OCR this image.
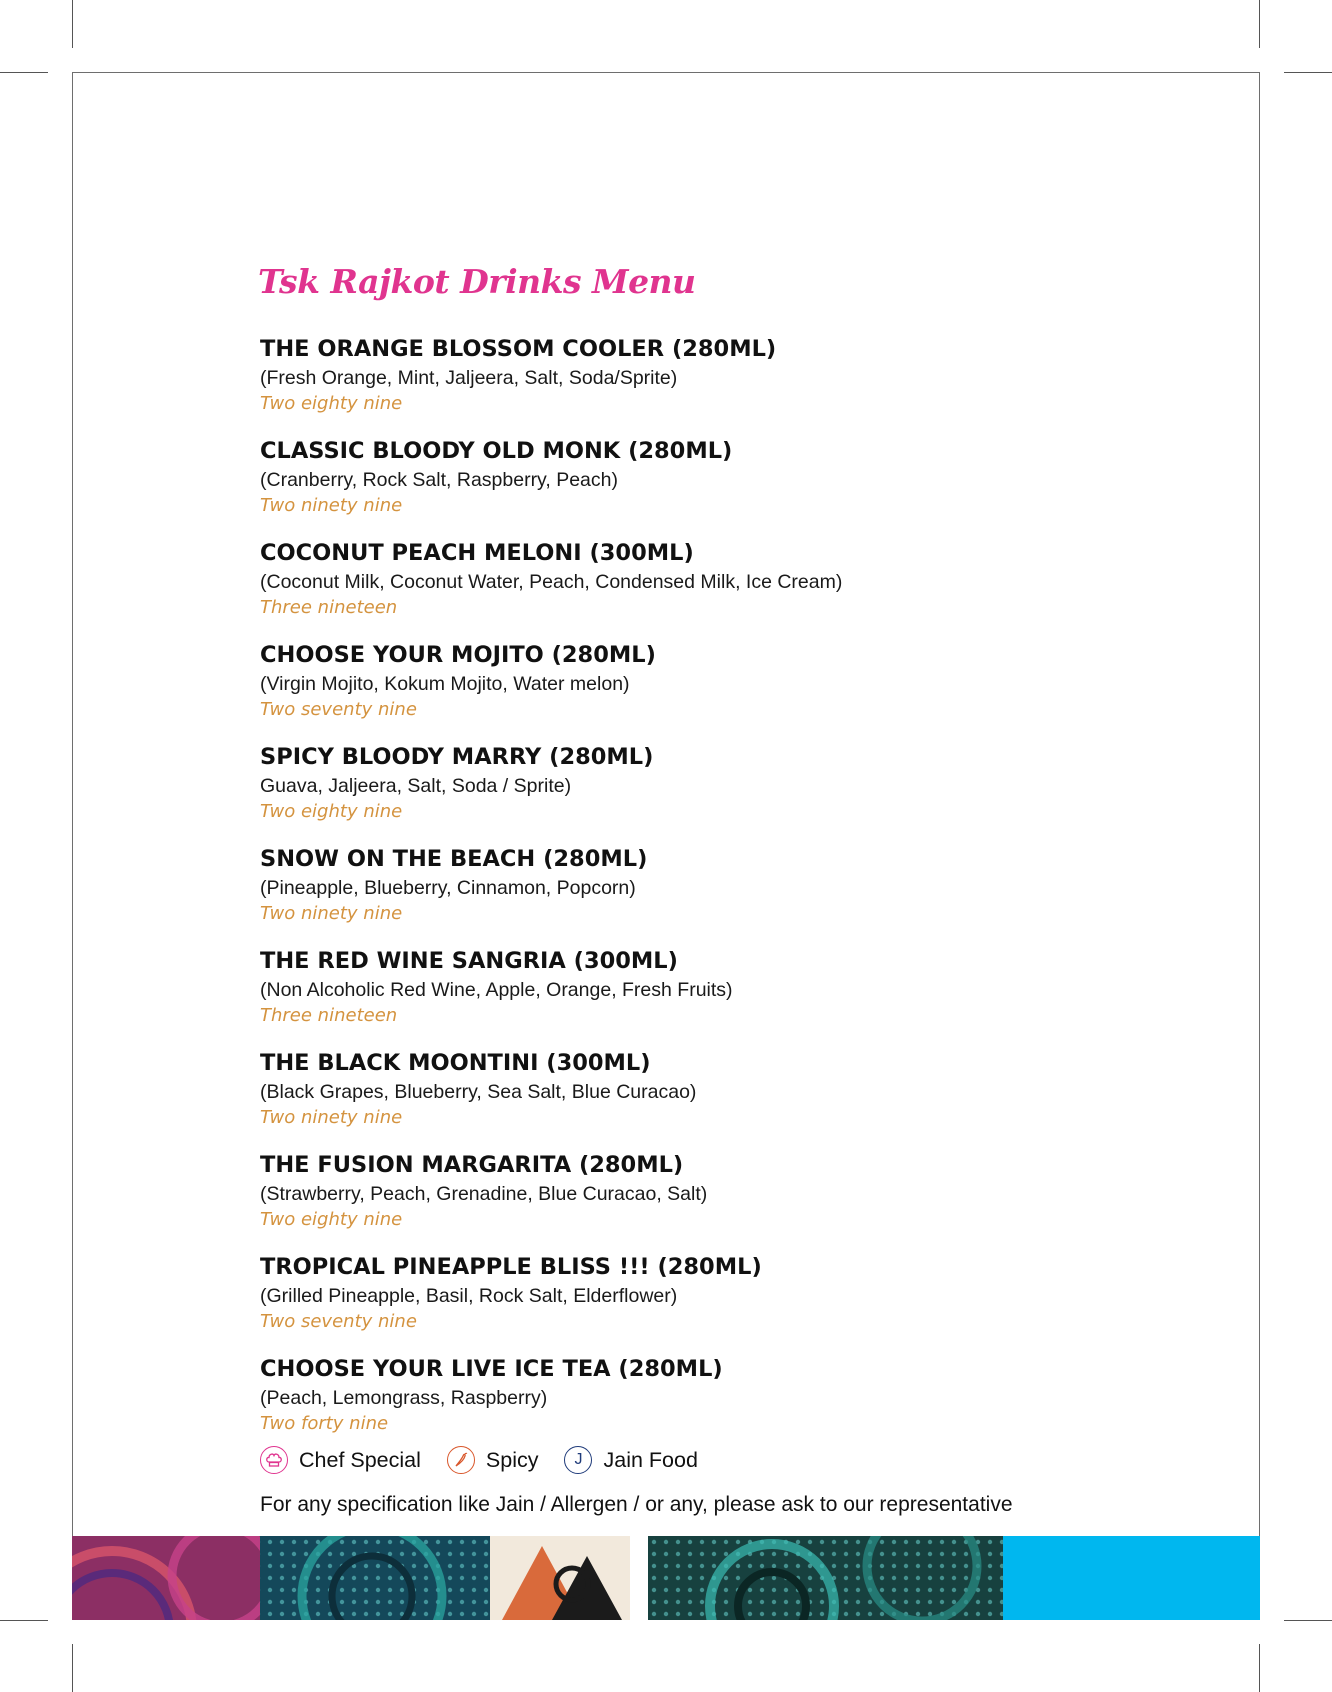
Tsk Rajkot Drinks Menu
THE ORANGE BLOSSOM COOLER (280ML)
(Fresh Orange, Mint, Jaljeera, Salt, Soda/Sprite)
Two eighty nine
CLASSIC BLOODY OLD MONK (280ML)
(Cranberry, Rock Salt, Raspberry, Peach)
Two ninety nine
COCONUT PEACH MELONI (300ML)
(Coconut Milk, Coconut Water, Peach, Condensed Milk, Ice Cream)
Three nineteen
CHOOSE YOUR MOJITO (280ML)
(Virgin Mojito, Kokum Mojito, Water melon)
Two seventy nine
SPICY BLOODY MARRY (280ML)
Guava, Jaljeera, Salt, Soda / Sprite)
Two eighty nine
SNOW ON THE BEACH (280ML)
(Pineapple, Blueberry, Cinnamon, Popcorn)
Two ninety nine
THE RED WINE SANGRIA (300ML)
(Non Alcoholic Red Wine, Apple, Orange, Fresh Fruits)
Three nineteen
THE BLACK MOONTINI (300ML)
(Black Grapes, Blueberry, Sea Salt, Blue Curacao)
Two ninety nine
THE FUSION MARGARITA (280ML)
(Strawberry, Peach, Grenadine, Blue Curacao, Salt)
Two eighty nine
TROPICAL PINEAPPLE BLISS !!! (280ML)
(Grilled Pineapple, Basil, Rock Salt, Elderflower)
Two seventy nine
CHOOSE YOUR LIVE ICE TEA (280ML)
(Peach, Lemongrass, Raspberry)
Two forty nine
Chef Special	Spicy	J Jain Food

For any specification like Jain / Allergen / or any, please ask to our representative
